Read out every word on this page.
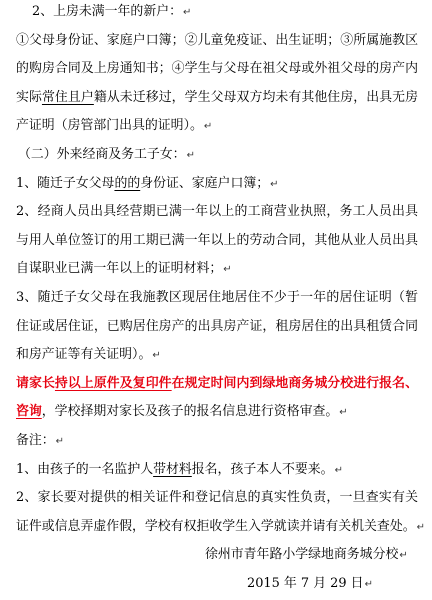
2、上房未满一年的新户：↵
①父母身份证、家庭户口簿；②儿童免疫证、出生证明；③所属施教区
的购房合同及上房通知书；④学生与父母在祖父母或外祖父母的房产内
实际常住且户籍从未迁移过，学生父母双方均未有其他住房，出具无房
产证明（房管部门出具的证明）。↵
（二）外来经商及务工子女：↵
1、随迁子女父母的的身份证、家庭户口簿；↵
2、经商人员出具经营期已满一年以上的工商营业执照，务工人员出具
与用人单位签订的用工期已满一年以上的劳动合同，其他从业人员出具
自谋职业已满一年以上的证明材料；↵
3、随迁子女父母在我施教区现居住地居住不少于一年的居住证明（暂
住证或居住证，已购居住房产的出具房产证，租房居住的出具租赁合同
和房产证等有关证明）。↵
请家长持以上原件及复印件在规定时间内到绿地商务城分校进行报名、
咨询，学校择期对家长及孩子的报名信息进行资格审查。↵
备注：↵
1、由孩子的一名监护人带材料报名，孩子本人不要来。↵
2、家长要对提供的相关证件和登记信息的真实性负责，一旦查实有关
证件或信息弄虚作假，学校有权拒收学生入学就读并请有关机关查处。↵
徐州市青年路小学绿地商务城分校↵
2015 年 7 月 29 日↵
